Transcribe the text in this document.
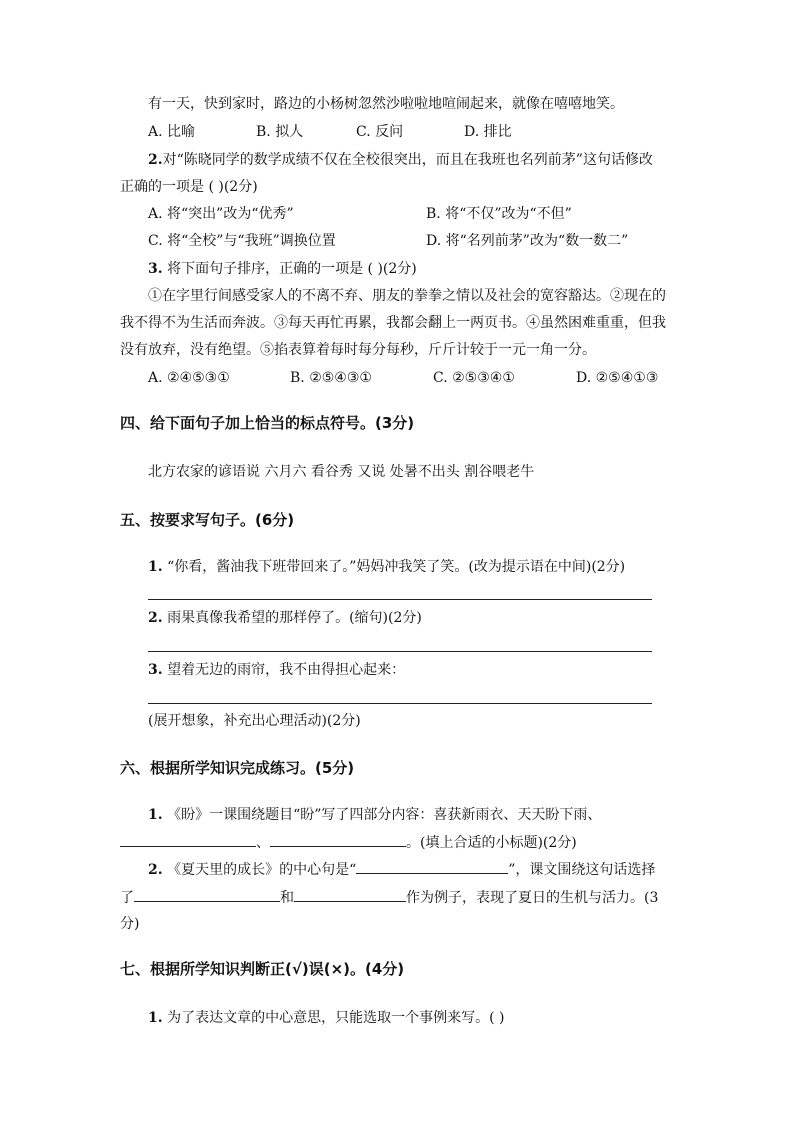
有一天，快到家时，路边的小杨树忽然沙啦啦地喧闹起来，就像在嘻嘻地笑。
A. 比喻	B. 拟人	C. 反问	D. 排比
2.对“陈晓同学的数学成绩不仅在全校很突出，而且在我班也名列前茅”这句话修改
正确的一项是 ( )(2分)
A. 将“突出”改为“优秀”	B. 将“不仅”改为“不但”
C. 将“全校”与“我班”调换位置	D. 将“名列前茅”改为“数一数二”
3. 将下面句子排序，正确的一项是 ( )(2分)
①在字里行间感受家人的不离不弃、朋友的拳拳之情以及社会的宽容豁达。②现在的
我不得不为生活而奔波。③每天再忙再累，我都会翻上一两页书。④虽然困难重重，但我
没有放弃，没有绝望。⑤掐表算着每时每分每秒，斤斤计较于一元一角一分。
A. ②④⑤③①	B. ②⑤④③①	C. ②⑤③④①	D. ②⑤④①③
四、给下面句子加上恰当的标点符号。(3分)
北方农家的谚语说 六月六 看谷秀 又说 处暑不出头 割谷喂老牛
五、按要求写句子。(6分)
1. “你看，酱油我下班带回来了。”妈妈冲我笑了笑。(改为提示语在中间)(2分)
2. 雨果真像我希望的那样停了。(缩句)(2分)
3. 望着无边的雨帘，我不由得担心起来：
(展开想象，补充出心理活动)(2分)
六、根据所学知识完成练习。(5分)
1. 《盼》一课围绕题目“盼”写了四部分内容：喜获新雨衣、天天盼下雨、
、	。(填上合适的小标题)(2分)
2. 《夏天里的成长》的中心句是“	”，课文围绕这句话选择
了	和	作为例子，表现了夏日的生机与活力。(3
分)
七、根据所学知识判断正(√)误(×)。(4分)
1. 为了表达文章的中心意思，只能选取一个事例来写。( )
